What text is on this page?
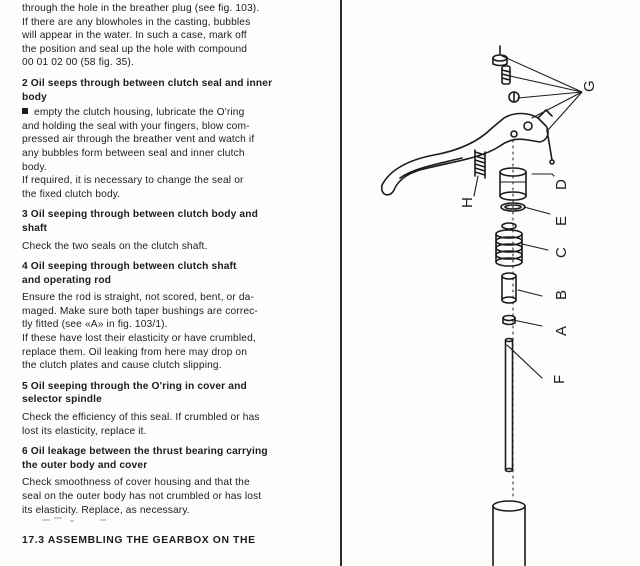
through the hole in the breather plug (see fig. 103).

If there are any blowholes in the casting, bubbles

will appear in the water. In such a case, mark off

the position and seal up the hole with compound

00 01 02 00 (58 fig. 35).

2 Oil seeps through between clutch seal and inner

body

empty the clutch housing, lubricate the O'ring

and holding the seal with your fingers, blow com-

pressed air through the breather vent and watch if

any bubbles form between seal and inner clutch

body.

If required, it is necessary to change the seal or

the fixed clutch body.

3 Oil seeping through between clutch body and

shaft

Check the two seals on the clutch shaft.

4 Oil seeping through between clutch shaft

and operating rod

Ensure the rod is straight, not scored, bent, or da-

maged. Make sure both taper bushings are correc-

tly fitted (see «A» in fig. 103/1).

If these have lost their elasticity or have crumbled,

replace them. Oil leaking from here may drop on

the clutch plates and cause clutch slipping.

5 Oil seeping through the O'ring in cover and

selector spindle

Check the efficiency of this seal. If crumbled or has

lost its elasticity, replace it.

6 Oil leakage between the thrust bearing carrying

the outer body and cover

Check smoothness of cover housing and that the

seal on the outer body has not crumbled or has lost

its elasticity. Replace, as necessary.

17.3 ASSEMBLING THE GEARBOX ON THE
G
H
D
E
C
B
A
F
